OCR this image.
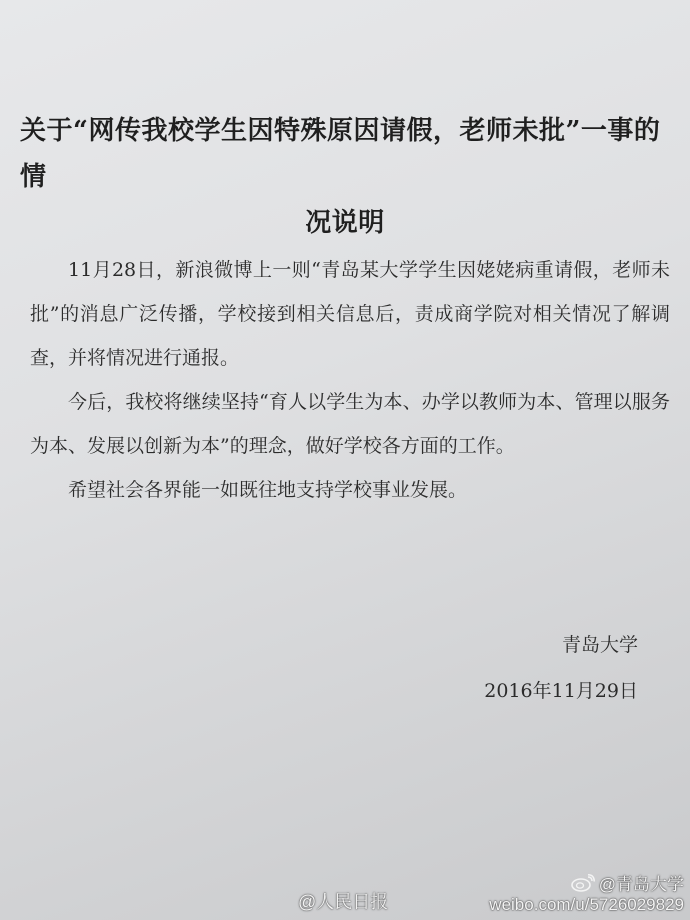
关于“网传我校学生因特殊原因请假，老师未批”一事的情
况说明

11月28日，新浪微博上一则“青岛某大学学生因姥姥病重请假，老师未批”的消息广泛传播，学校接到相关信息后，责成商学院对相关情况了解调查，并将情况进行通报。

今后，我校将继续坚持“育人以学生为本、办学以教师为本、管理以服务为本、发展以创新为本”的理念，做好学校各方面的工作。

希望社会各界能一如既往地支持学校事业发展。

青岛大学
2016年11月29日
@人民日报
@青岛大学
weibo.com/u/5726029829
